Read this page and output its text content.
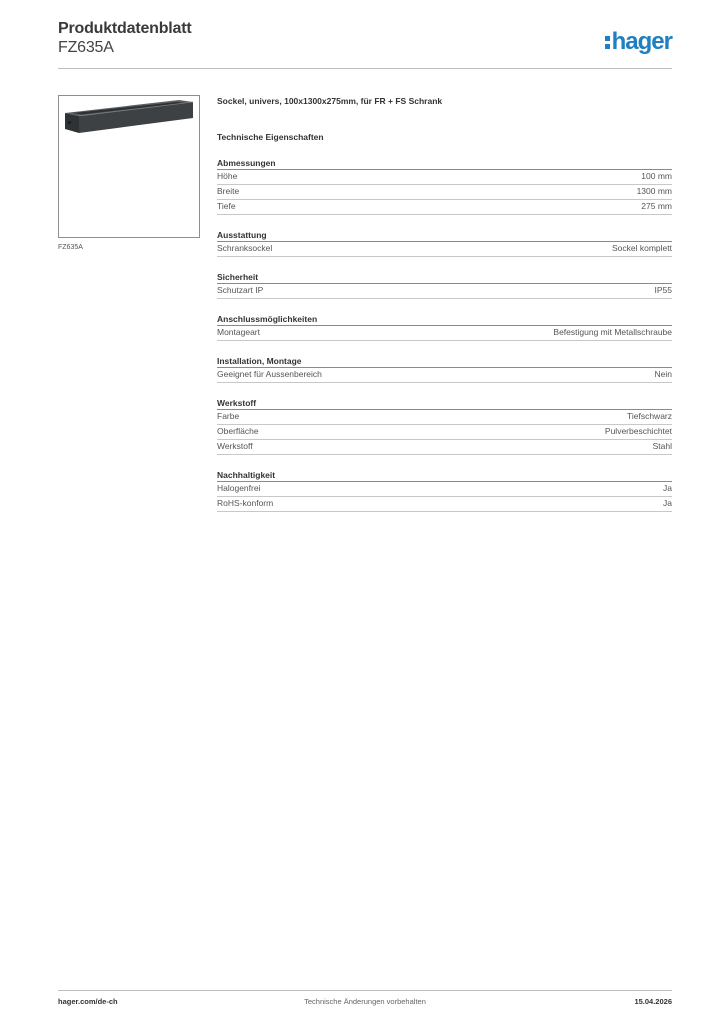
Produktdatenblatt
FZ635A	hager
FZ635A
Sockel, univers, 100x1300x275mm, für FR + FS Schrank
Technische Eigenschaften
Abmessungen
Höhe	100 mm
Breite	1300 mm
Tiefe	275 mm
Ausstattung
Schranksockel	Sockel komplett
Sicherheit
Schutzart IP	IP55
Anschlussmöglichkeiten
Montageart	Befestigung mit Metallschraube
Installation, Montage
Geeignet für Aussenbereich	Nein
Werkstoff
Farbe	Tiefschwarz
Oberfläche	Pulverbeschichtet
Werkstoff	Stahl
Nachhaltigkeit
Halogenfrei	Ja
RoHS-konform	Ja
hager.com/de-ch	Technische Änderungen vorbehalten	15.04.2026
